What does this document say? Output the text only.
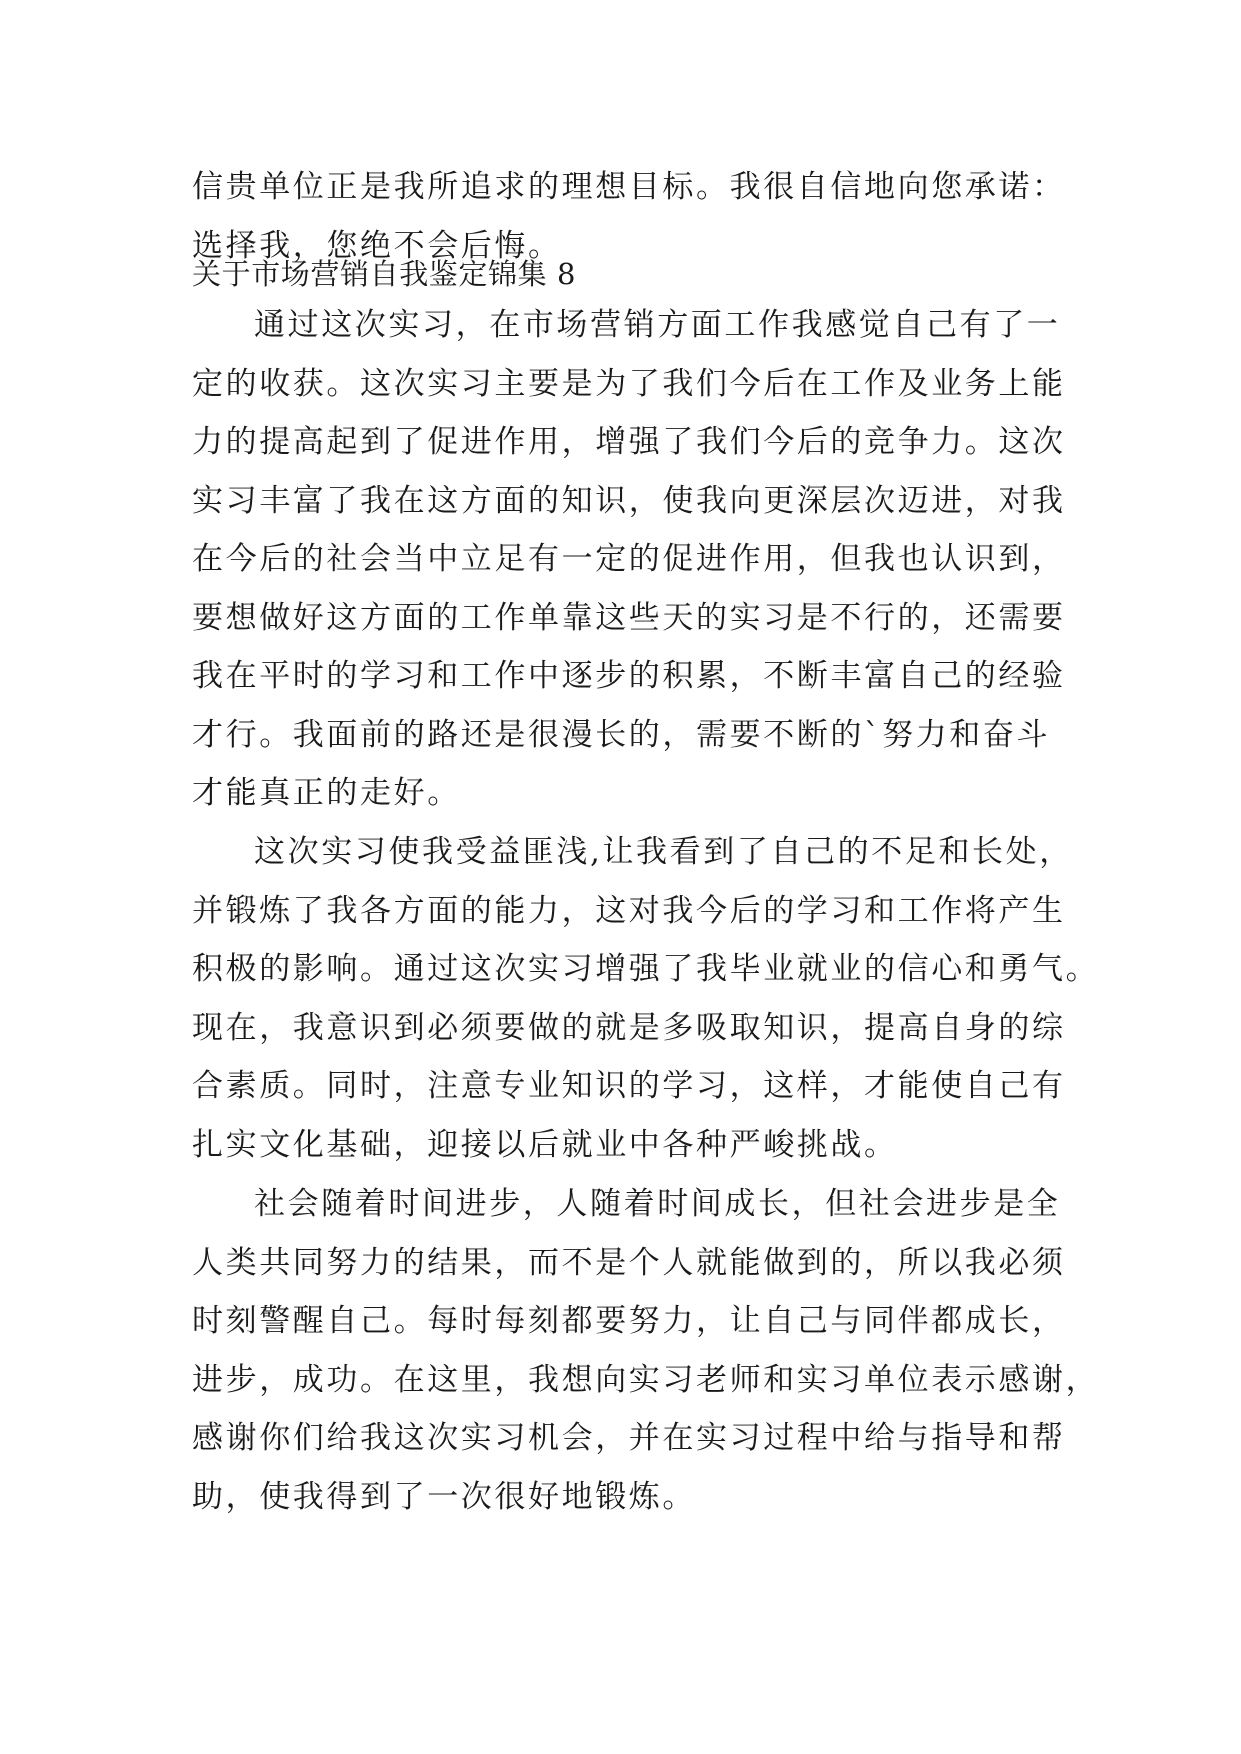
信贵单位正是我所追求的理想目标。我很自信地向您承诺：
选择我，您绝不会后悔。
关于市场营销自我鉴定锦集 8
通过这次实习，在市场营销方面工作我感觉自己有了一
定的收获。这次实习主要是为了我们今后在工作及业务上能
力的提高起到了促进作用，增强了我们今后的竞争力。这次
实习丰富了我在这方面的知识，使我向更深层次迈进，对我
在今后的社会当中立足有一定的促进作用，但我也认识到，
要想做好这方面的工作单靠这些天的实习是不行的，还需要
我在平时的学习和工作中逐步的积累，不断丰富自己的经验
才行。我面前的路还是很漫长的，需要不断的`努力和奋斗
才能真正的走好。
这次实习使我受益匪浅,让我看到了自己的不足和长处，
并锻炼了我各方面的能力，这对我今后的学习和工作将产生
积极的影响。通过这次实习增强了我毕业就业的信心和勇气。
现在，我意识到必须要做的就是多吸取知识，提高自身的综
合素质。同时，注意专业知识的学习，这样，才能使自己有
扎实文化基础，迎接以后就业中各种严峻挑战。
社会随着时间进步，人随着时间成长，但社会进步是全
人类共同努力的结果，而不是个人就能做到的，所以我必须
时刻警醒自己。每时每刻都要努力，让自己与同伴都成长，
进步，成功。在这里，我想向实习老师和实习单位表示感谢，
感谢你们给我这次实习机会，并在实习过程中给与指导和帮
助，使我得到了一次很好地锻炼。
